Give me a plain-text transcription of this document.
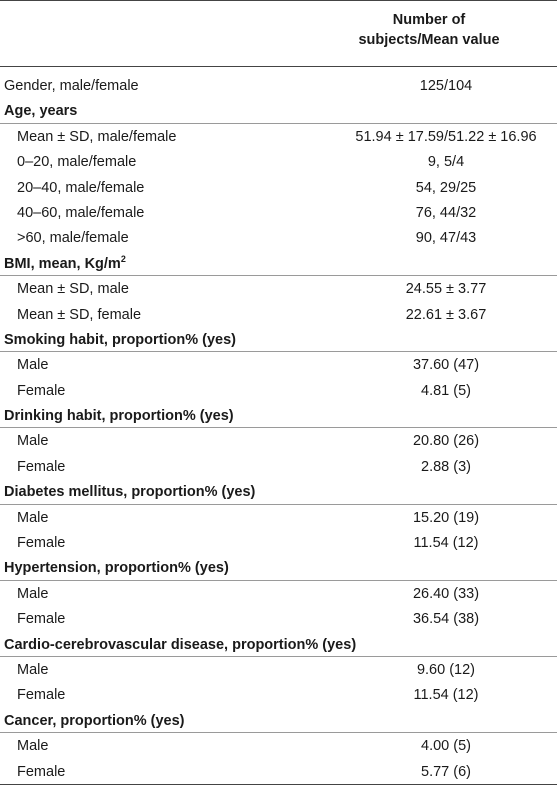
Number of
subjects/Mean value
Gender, male/female	125/104
Age, years
Mean ± SD, male/female	51.94 ± 17.59/51.22 ± 16.96
0–20, male/female	9, 5/4
20–40, male/female	54, 29/25
40–60, male/female	76, 44/32
>60, male/female	90, 47/43
BMI, mean, $Kg/m^2$
Mean ± SD, male	24.55 ± 3.77
Mean ± SD, female	22.61 ± 3.67
Smoking habit, proportion% (yes)
Male	37.60 (47)
Female	4.81 (5)
Drinking habit, proportion% (yes)
Male	20.80 (26)
Female	2.88 (3)
Diabetes mellitus, proportion% (yes)
Male	15.20 (19)
Female	11.54 (12)
Hypertension, proportion% (yes)
Male	26.40 (33)
Female	36.54 (38)
Cardio-cerebrovascular disease, proportion% (yes)
Male	9.60 (12)
Female	11.54 (12)
Cancer, proportion% (yes)
Male	4.00 (5)
Female	5.77 (6)
